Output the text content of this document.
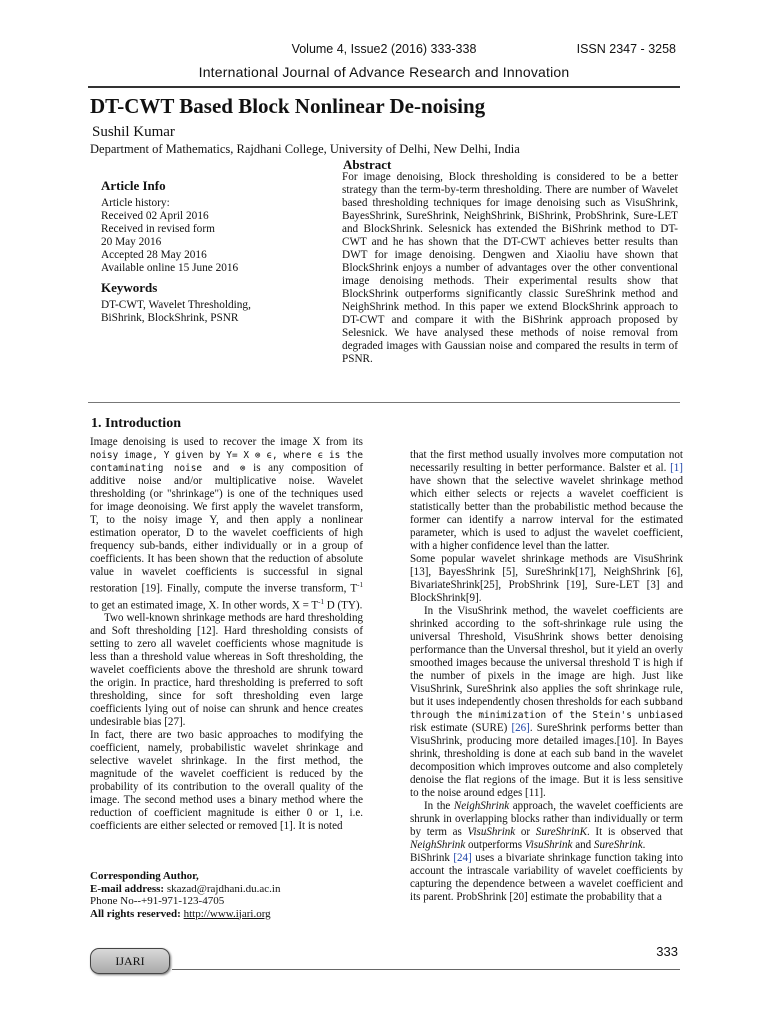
Volume 4, Issue2 (2016) 333-338	ISSN 2347 - 3258
International Journal of Advance Research and Innovation
DT-CWT Based Block Nonlinear De-noising
Sushil Kumar
Department of Mathematics, Rajdhani College, University of Delhi, New Delhi, India
Article Info
Article history:
Received 02 April 2016
Received in revised form
20 May 2016
Accepted 28 May 2016
Available online 15 June 2016
Keywords
DT-CWT, Wavelet Thresholding,
BiShrink, BlockShrink, PSNR
Abstract
For image denoising, Block thresholding is considered to be a better strategy than the term-by-term thresholding. There are number of Wavelet based thresholding techniques for image denoising such as VisuShrink, BayesShrink, SureShrink, NeighShrink, BiShrink, ProbShrink, Sure-LET and BlockShrink. Selesnick has extended the BiShrink method to DT-CWT and he has shown that the DT-CWT achieves better results than DWT for image denoising. Dengwen and Xiaoliu have shown that BlockShrink enjoys a number of advantages over the other conventional image denoising methods. Their experimental results show that BlockShrink outperforms significantly classic SureShrink method and NeighShrink method. In this paper we extend BlockShrink approach to DT-CWT and compare it with the BiShrink approach proposed by Selesnick. We have analysed these methods of noise removal from degraded images with Gaussian noise and compared the results in term of PSNR.
1. Introduction

Image denoising is used to recover the image X from its noisy image, Y given by Y= X ⊗ ϵ, where ϵ is the contaminating noise and ⊗ is any composition of additive noise and/or multiplicative noise. Wavelet thresholding (or "shrinkage") is one of the techniques used for image deonoising. We first apply the wavelet transform, T, to the noisy image Y, and then apply a nonlinear estimation operator, D to the wavelet coefficients of high frequency sub-bands, either individually or in a group of coefficients. It has been shown that the reduction of absolute value in wavelet coefficients is successful in signal restoration [19]. Finally, compute the inverse transform, $T^{-1}$ to get an estimated image, X. In other words, $X = T^{-1}$ D (TY).

Two well-known shrinkage methods are hard thresholding and Soft thresholding [12]. Hard thresholding consists of setting to zero all wavelet coefficients whose magnitude is less than a threshold value whereas in Soft thresholding, the wavelet coefficients above the threshold are shrunk toward the origin. In practice, hard thresholding is preferred to soft thresholding, since for soft thresholding even large coefficients lying out of noise can shrunk and hence creates undesirable bias [27].

In fact, there are two basic approaches to modifying the coefficient, namely, probabilistic wavelet shrinkage and selective wavelet shrinkage. In the first method, the magnitude of the wavelet coefficient is reduced by the probability of its contribution to the overall quality of the image. The second method uses a binary method where the reduction of coefficient magnitude is either 0 or 1, i.e. coefficients are either selected or removed [1]. It is noted

that the first method usually involves more computation not necessarily resulting in better performance. Balster et al. [1] have shown that the selective wavelet shrinkage method which either selects or rejects a wavelet coefficient is statistically better than the probabilistic method because the former can identify a narrow interval for the estimated parameter, which is used to adjust the wavelet coefficient, with a higher confidence level than the latter.

Some popular wavelet shrinkage methods are VisuShrink [13], BayesShrink [5], SureShrink[17], NeighShrink [6], BivariateShrink[25], ProbShrink [19], Sure-LET [3] and BlockShrink[9].

In the VisuShrink method, the wavelet coefficients are shrinked according to the soft-shrinkage rule using the universal Threshold, VisuShrink shows better denoising performance than the Unversal threshol, but it yield an overly smoothed images because the universal threshold T is high if the number of pixels in the image are high. Just like VisuShrink, SureShrink also applies the soft shrinkage rule, but it uses independently chosen thresholds for each subband through the minimization of the Stein's unbiased risk estimate (SURE) [26]. SureShrink performs better than VisuShrink, producing more detailed images.[10]. In Bayes shrink, thresholding is done at each sub band in the wavelet decomposition which improves outcome and also completely denoise the flat regions of the image. But it is less sensitive to the noise around edges [11].

In the NeighShrink approach, the wavelet coefficients are shrunk in overlapping blocks rather than individually or term by term as VisuShrink or SureShrinK. It is observed that NeighShrink outperforms VisuShrink and SureShrink.

BiShrink [24] uses a bivariate shrinkage function taking into account the intrascale variability of wavelet coefficients by capturing the dependence between a wavelet coefficient and its parent. ProbShrink [20] estimate the probability that a

Corresponding Author,
E-mail address: skazad@rajdhani.du.ac.in
Phone No--+91-971-123-4705
All rights reserved: http://www.ijari.org
IJARI
333
